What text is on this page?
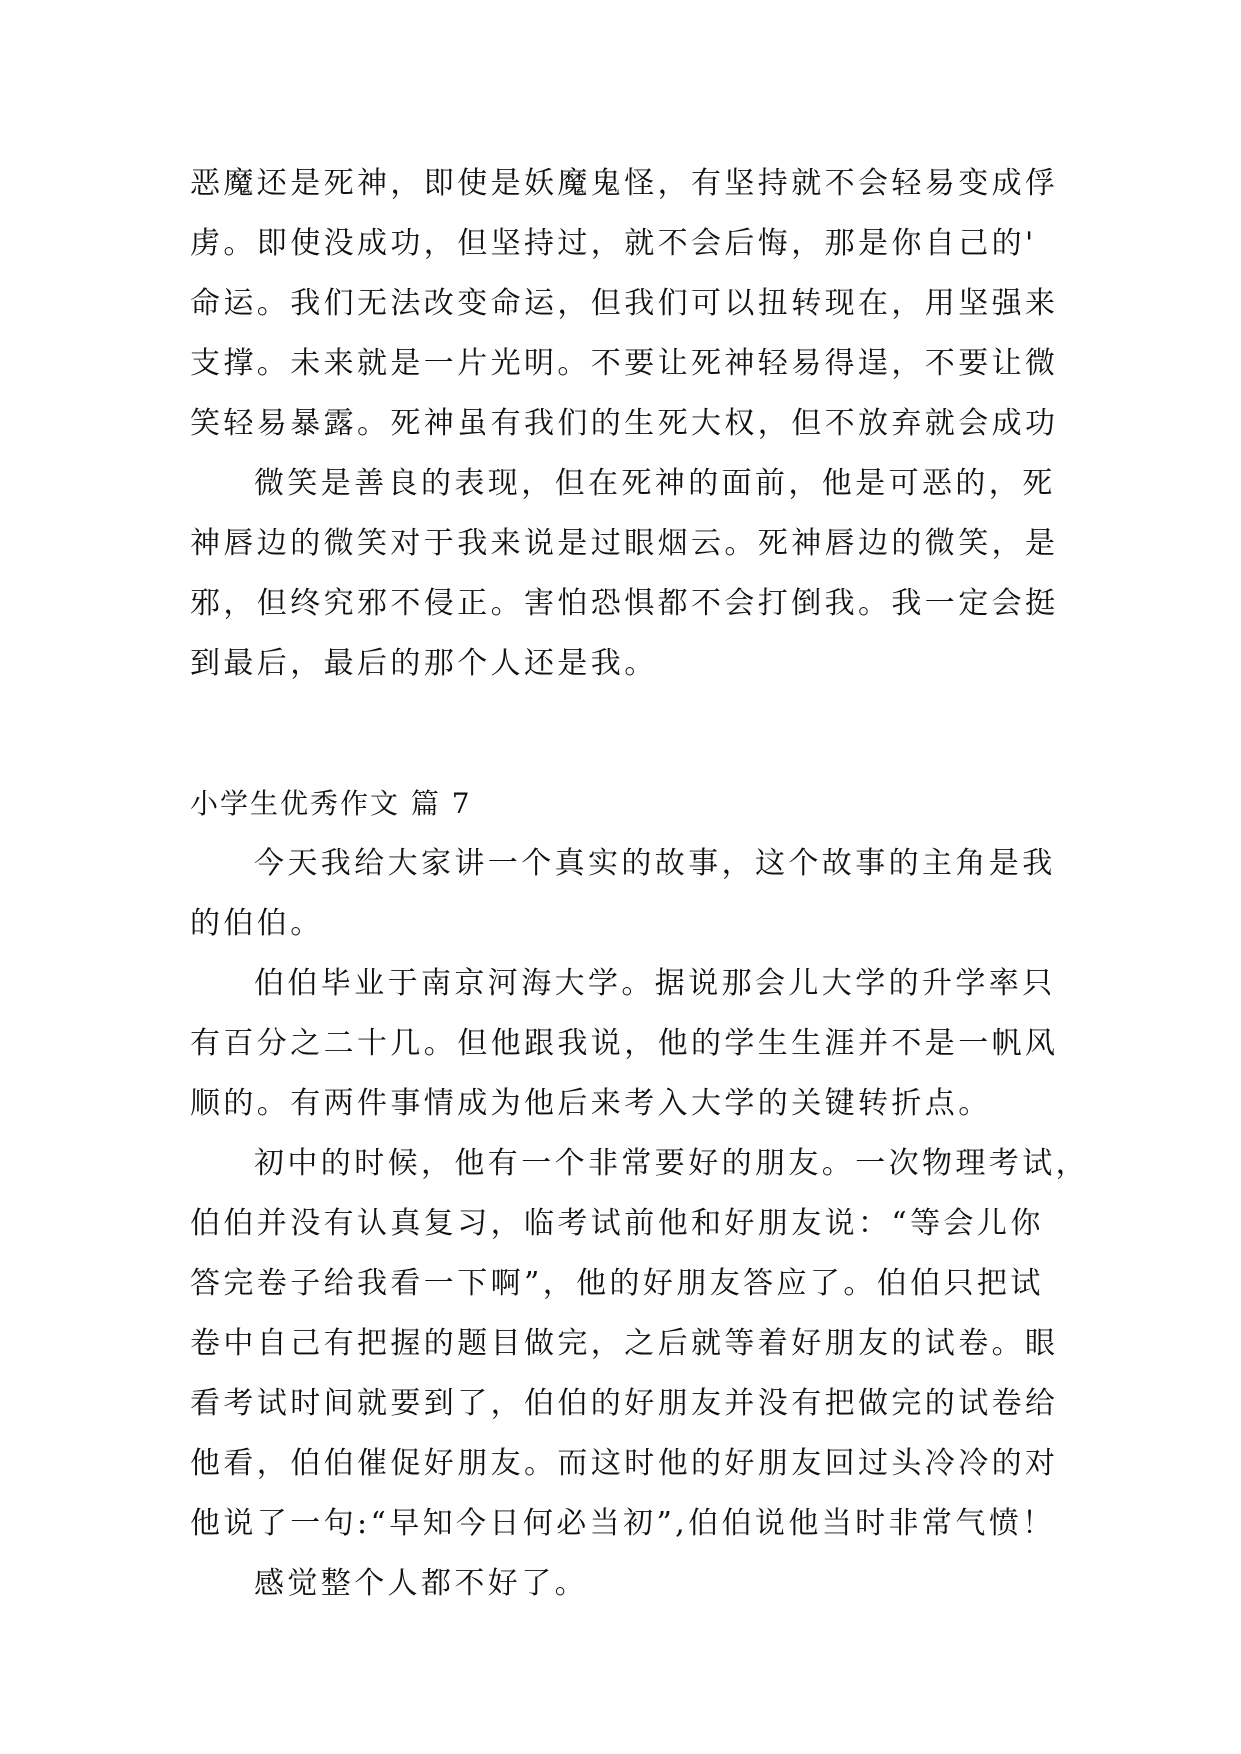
恶魔还是死神，即使是妖魔鬼怪，有坚持就不会轻易变成俘
虏。即使没成功，但坚持过，就不会后悔，那是你自己的'
命运。我们无法改变命运，但我们可以扭转现在，用坚强来
支撑。未来就是一片光明。不要让死神轻易得逞，不要让微
笑轻易暴露。死神虽有我们的生死大权，但不放弃就会成功
微笑是善良的表现，但在死神的面前，他是可恶的，死
神唇边的微笑对于我来说是过眼烟云。死神唇边的微笑，是
邪，但终究邪不侵正。害怕恐惧都不会打倒我。我一定会挺
到最后，最后的那个人还是我。
小学生优秀作文 篇 7
今天我给大家讲一个真实的故事，这个故事的主角是我
的伯伯。
伯伯毕业于南京河海大学。据说那会儿大学的升学率只
有百分之二十几。但他跟我说，他的学生生涯并不是一帆风
顺的。有两件事情成为他后来考入大学的关键转折点。
初中的时候，他有一个非常要好的朋友。一次物理考试，
伯伯并没有认真复习，临考试前他和好朋友说：“等会儿你
答完卷子给我看一下啊”，他的好朋友答应了。伯伯只把试
卷中自己有把握的题目做完，之后就等着好朋友的试卷。眼
看考试时间就要到了，伯伯的好朋友并没有把做完的试卷给
他看，伯伯催促好朋友。而这时他的好朋友回过头冷冷的对
他说了一句:“早知今日何必当初”,伯伯说他当时非常气愤！
感觉整个人都不好了。
